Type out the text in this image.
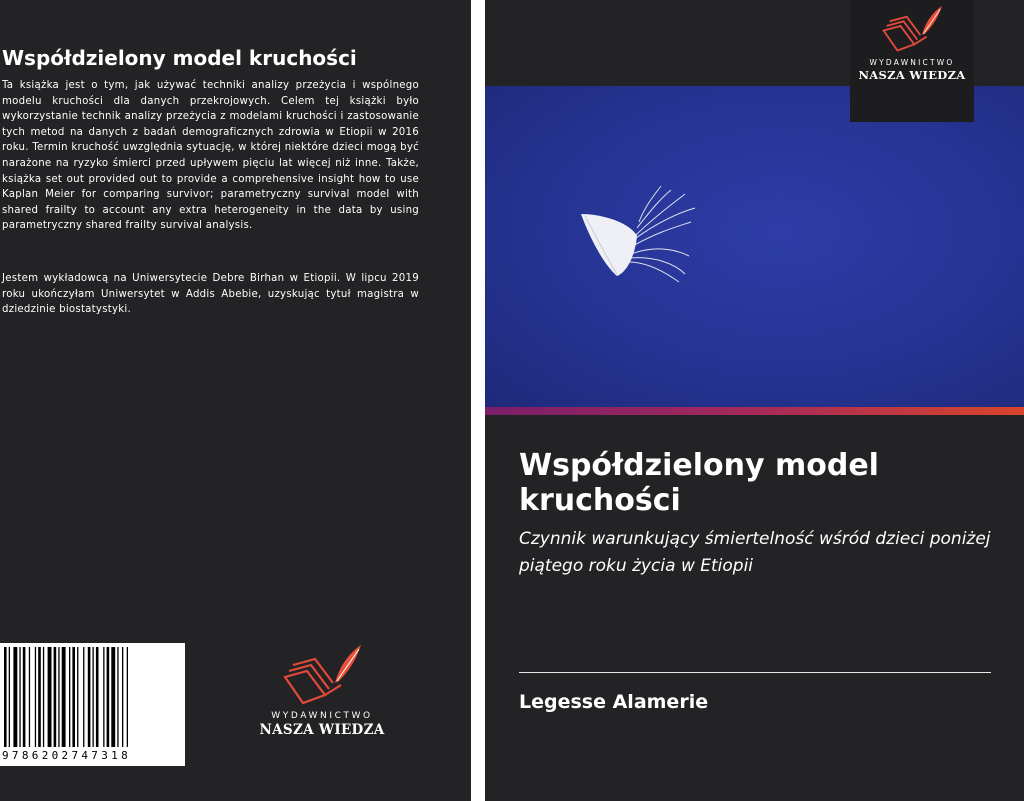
Współdzielony model kruchości

Ta książka jest o tym, jak używać techniki analizy przeżycia i wspólnego modelu kruchości dla danych przekrojowych. Celem tej książki było wykorzystanie technik analizy przeżycia z modelami kruchości i zastosowanie tych metod na danych z badań demograficznych zdrowia w Etiopii w 2016 roku. Termin kruchość uwzględnia sytuację, w której niektóre dzieci mogą być narażone na ryzyko śmierci przed upływem pięciu lat więcej niż inne. Także, książka set out provided out to provide a comprehensive insight how to use Kaplan Meier for comparing survivor; parametryczny survival model with shared frailty to account any extra heterogeneity in the data by using parametryczny shared frailty survival analysis.

Jestem wykładowcą na Uniwersytecie Debre Birhan w Etiopii. W lipcu 2019 roku ukończyłam Uniwersytet w Addis Abebie, uzyskując tytuł magistra w dziedzinie biostatystyki.

9786202747318
WYDAWNICTWO
NASZA WIEDZA
WYDAWNICTWO
NASZA WIEDZA
Współdzielony model kruchości

Czynnik warunkujący śmiertelność wśród dzieci poniżej piątego roku życia w Etiopii

Legesse Alamerie
